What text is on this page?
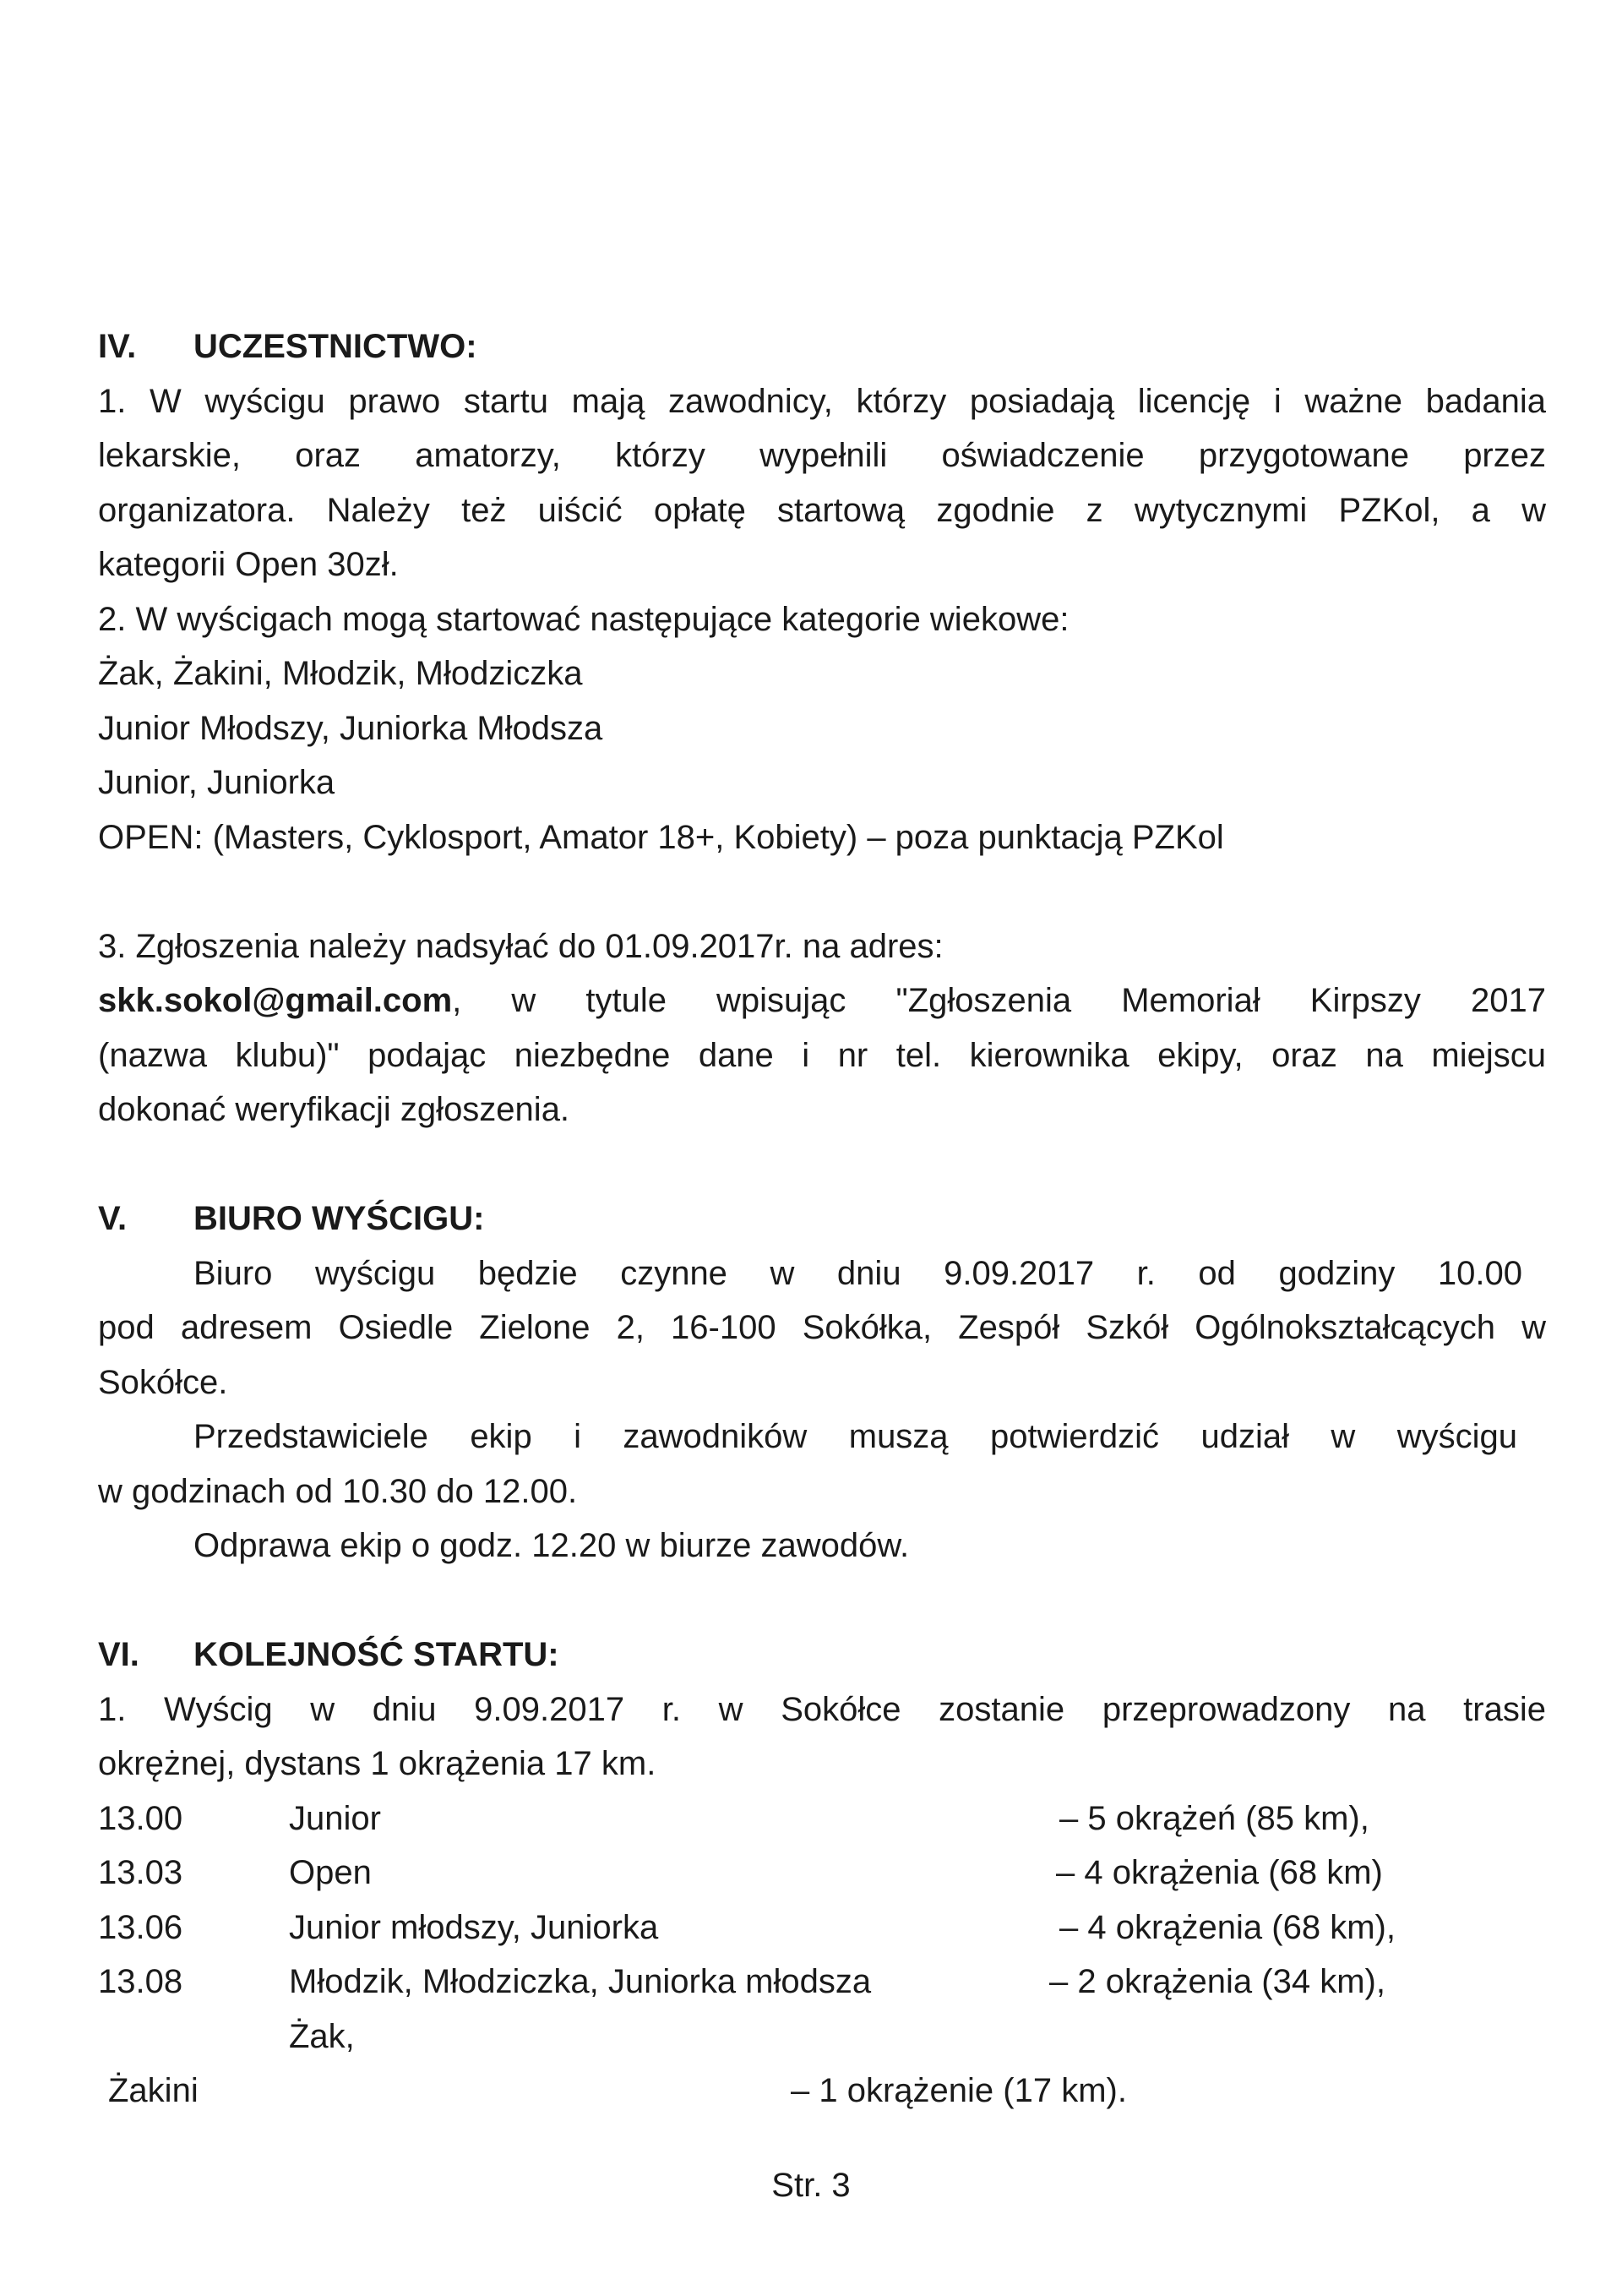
IV. UCZESTNICTWO:
1. W wyścigu prawo startu mają zawodnicy, którzy posiadają licencję i ważne badania
lekarskie, oraz amatorzy, którzy wypełnili oświadczenie przygotowane przez
organizatora. Należy też uiścić opłatę startową zgodnie z wytycznymi PZKol, a w
kategorii Open 30zł.
2. W wyścigach mogą startować następujące kategorie wiekowe:
Żak, Żakini, Młodzik, Młodziczka
Junior Młodszy, Juniorka Młodsza
Junior, Juniorka
OPEN: (Masters, Cyklosport, Amator 18+, Kobiety) – poza punktacją PZKol
3. Zgłoszenia należy nadsyłać do 01.09.2017r. na adres:
skk.sokol@gmail.com, w tytule wpisując "Zgłoszenia Memoriał Kirpszy 2017
(nazwa klubu)" podając niezbędne dane i nr tel. kierownika ekipy, oraz na miejscu
dokonać weryfikacji zgłoszenia.
V. BIURO WYŚCIGU:
Biuro wyścigu będzie czynne w dniu 9.09.2017 r. od godziny 10.00
pod adresem Osiedle Zielone 2, 16-100 Sokółka, Zespół Szkół Ogólnokształcących w
Sokółce.
Przedstawiciele ekip i zawodników muszą potwierdzić udział w wyścigu
w godzinach od 10.30 do 12.00.
Odprawa ekip o godz. 12.20 w biurze zawodów.
VI. KOLEJNOŚĆ STARTU:
1. Wyścig w dniu 9.09.2017 r. w Sokółce zostanie przeprowadzony na trasie
okrężnej, dystans 1 okrążenia 17 km.
13.00	Junior	– 5 okrążeń (85 km),
13.03	Open	– 4 okrążenia (68 km)
13.06	Junior młodszy, Juniorka	– 4 okrążenia (68 km),
13.08	Młodzik, Młodziczka, Juniorka młodsza	– 2 okrążenia (34 km),
Żak,
Żakini	– 1 okrążenie (17 km).
Str. 3
